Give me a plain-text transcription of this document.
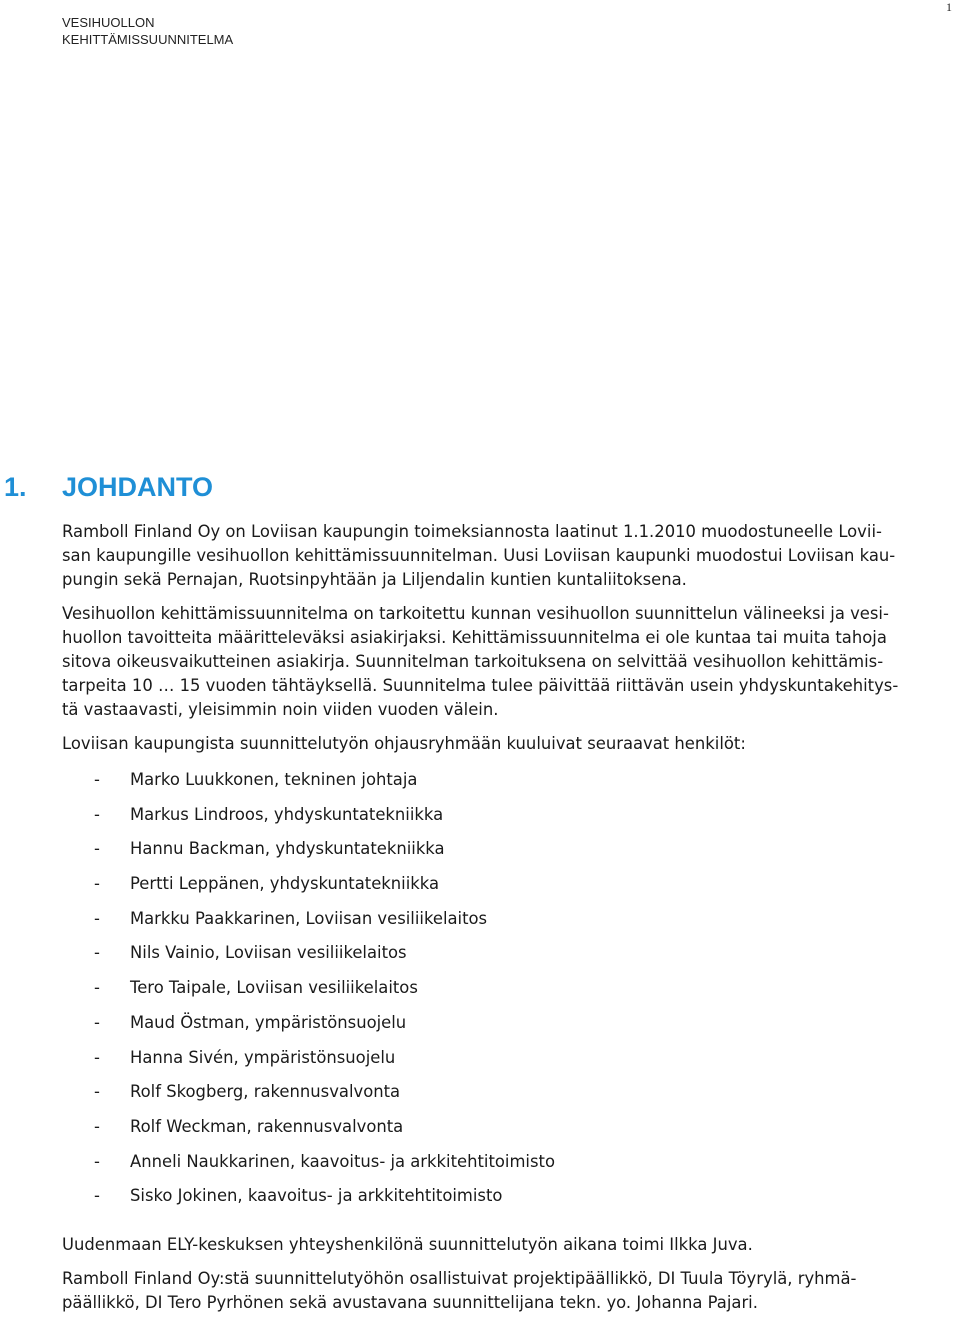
VESIHUOLLON
KEHITTÄMISSUUNNITELMA
1
1.	JOHDANTO

Ramboll Finland Oy on Loviisan kaupungin toimeksiannosta laatinut 1.1.2010 muodostuneelle Lovii-
san kaupungille vesihuollon kehittämissuunnitelman. Uusi Loviisan kaupunki muodostui Loviisan kau-
pungin sekä Pernajan, Ruotsinpyhtään ja Liljendalin kuntien kuntaliitoksena.

Vesihuollon kehittämissuunnitelma on tarkoitettu kunnan vesihuollon suunnittelun välineeksi ja vesi-
huollon tavoitteita määritteleväksi asiakirjaksi. Kehittämissuunnitelma ei ole kuntaa tai muita tahoja
sitova oikeusvaikutteinen asiakirja. Suunnitelman tarkoituksena on selvittää vesihuollon kehittämis-
tarpeita 10 … 15 vuoden tähtäyksellä. Suunnitelma tulee päivittää riittävän usein yhdyskuntakehitys-
tä vastaavasti, yleisimmin noin viiden vuoden välein.

Loviisan kaupungista suunnittelutyön ohjausryhmään kuuluivat seuraavat henkilöt:

-	Marko Luukkonen, tekninen johtaja
-	Markus Lindroos, yhdyskuntatekniikka
-	Hannu Backman, yhdyskuntatekniikka
-	Pertti Leppänen, yhdyskuntatekniikka
-	Markku Paakkarinen, Loviisan vesiliikelaitos
-	Nils Vainio, Loviisan vesiliikelaitos
-	Tero Taipale, Loviisan vesiliikelaitos
-	Maud Östman, ympäristönsuojelu
-	Hanna Sivén, ympäristönsuojelu
-	Rolf Skogberg, rakennusvalvonta
-	Rolf Weckman, rakennusvalvonta
-	Anneli Naukkarinen, kaavoitus- ja arkkitehtitoimisto
-	Sisko Jokinen, kaavoitus- ja arkkitehtitoimisto

Uudenmaan ELY-keskuksen yhteyshenkilönä suunnittelutyön aikana toimi Ilkka Juva.

Ramboll Finland Oy:stä suunnittelutyöhön osallistuivat projektipäällikkö, DI Tuula Töyrylä, ryhmä-
päällikkö, DI Tero Pyrhönen sekä avustavana suunnittelijana tekn. yo. Johanna Pajari.
